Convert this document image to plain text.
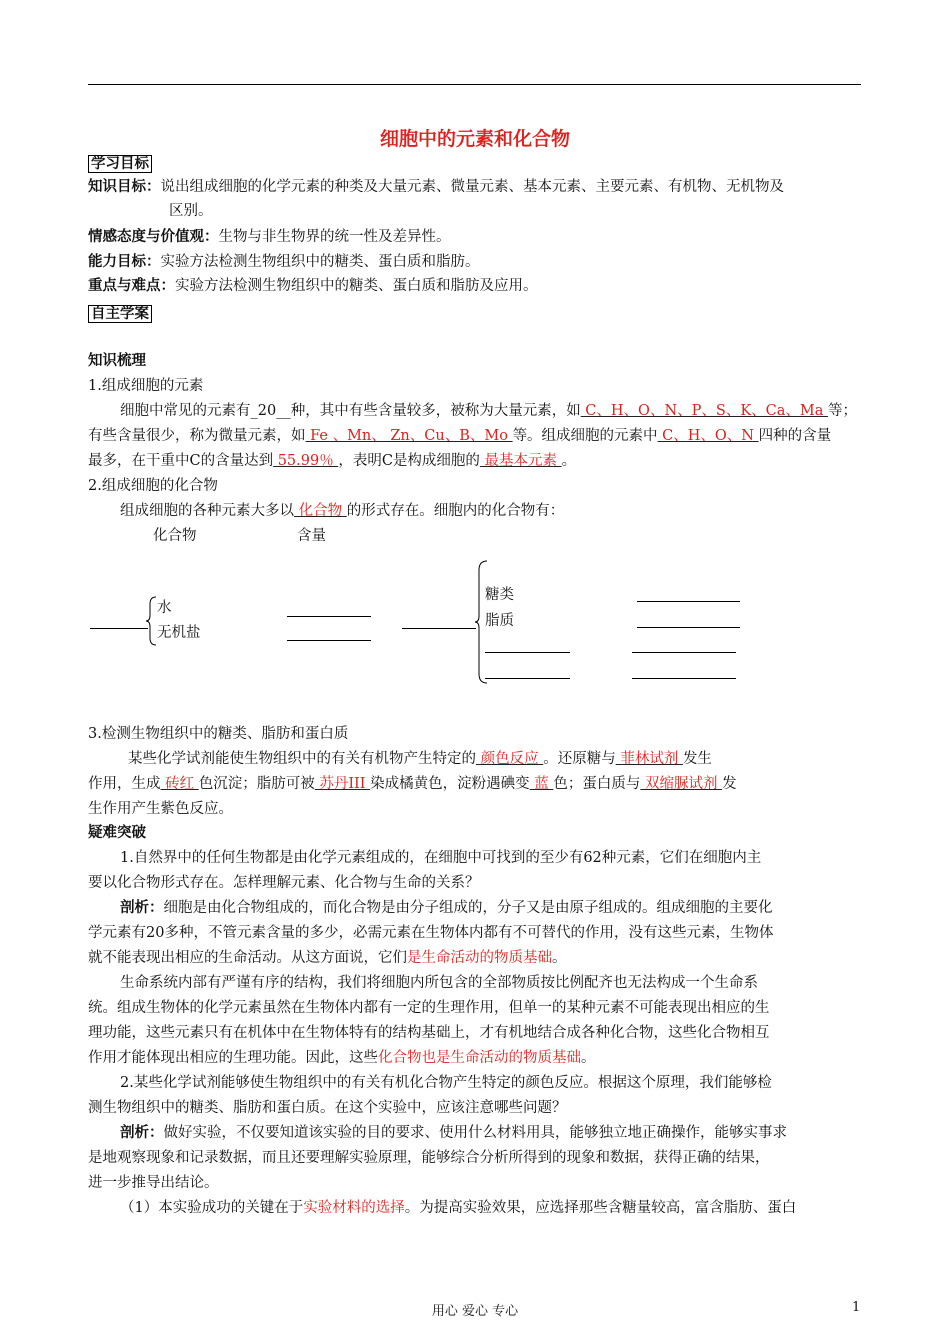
细胞中的元素和化合物
学习目标
知识目标：说出组成细胞的化学元素的种类及大量元素、微量元素、基本元素、主要元素、有机物、无机物及
区别。
情感态度与价值观：生物与非生物界的统一性及差异性。
能力目标：实验方法检测生物组织中的糖类、蛋白质和脂肪。
重点与难点：实验方法检测生物组织中的糖类、蛋白质和脂肪及应用。
自主学案
知识梳理
1.组成细胞的元素
细胞中常见的元素有_20__种，其中有些含量较多，被称为大量元素，如 C、H、O、N、P、S、K、Ca、Ma 等；
有些含量很少，称为微量元素，如 Fe 、Mn、 Zn、Cu、B、Mo 等。组成细胞的元素中 C、H、O、N 四种的含量
最多，在干重中C的含量达到 55.99％ ，表明C是构成细胞的 最基本元素 。
2.组成细胞的化合物
组成细胞的各种元素大多以 化合物 的形式存在。细胞内的化合物有：
化合物	含量
水
无机盐
糖类
脂质
3.检测生物组织中的糖类、脂肪和蛋白质
某些化学试剂能使生物组织中的有关有机物产生特定的 颜色反应 。还原糖与 菲林试剂 发生
作用，生成 砖红 色沉淀；脂肪可被 苏丹III 染成橘黄色，淀粉遇碘变 蓝 色；蛋白质与 双缩脲试剂 发
生作用产生紫色反应。
疑难突破
1.自然界中的任何生物都是由化学元素组成的，在细胞中可找到的至少有62种元素，它们在细胞内主
要以化合物形式存在。怎样理解元素、化合物与生命的关系？
剖析：细胞是由化合物组成的，而化合物是由分子组成的，分子又是由原子组成的。组成细胞的主要化
学元素有20多种，不管元素含量的多少，必需元素在生物体内都有不可替代的作用，没有这些元素，生物体
就不能表现出相应的生命活动。从这方面说，它们是生命活动的物质基础。
生命系统内部有严谨有序的结构，我们将细胞内所包含的全部物质按比例配齐也无法构成一个生命系
统。组成生物体的化学元素虽然在生物体内都有一定的生理作用，但单一的某种元素不可能表现出相应的生
理功能，这些元素只有在机体中在生物体特有的结构基础上，才有机地结合成各种化合物，这些化合物相互
作用才能体现出相应的生理功能。因此，这些化合物也是生命活动的物质基础。
2.某些化学试剂能够使生物组织中的有关有机化合物产生特定的颜色反应。根据这个原理，我们能够检
测生物组织中的糖类、脂肪和蛋白质。在这个实验中，应该注意哪些问题？
剖析：做好实验，不仅要知道该实验的目的要求、使用什么材料用具，能够独立地正确操作，能够实事求
是地观察现象和记录数据，而且还要理解实验原理，能够综合分析所得到的现象和数据，获得正确的结果，
进一步推导出结论。
（1）本实验成功的关键在于实验材料的选择。为提高实验效果，应选择那些含糖量较高，富含脂肪、蛋白
用心 爱心 专心	1
